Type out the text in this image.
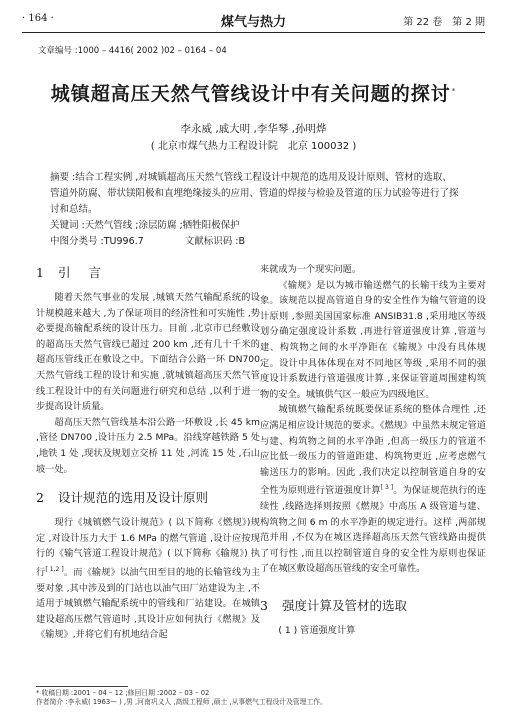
· 164 ·	煤气与热力	第 22 卷　第 2 期
文章编号 :1000 – 4416( 2002 )02 – 0164 – 04
城镇超高压天然气管线设计中有关问题的探讨*
李永威 ,戚大明 ,李华琴 ,孙明烨
( 北京市煤气热力工程设计院　北京 100032 )
摘要 :结合工程实例 ,对城镇超高压天然气管线工程设计中规范的选用及设计原则、管材的选取、管道外防腐、带状镁阳极和直埋绝缘接头的应用、管道的焊接与检验及管道的压力试验等进行了探讨和总结。
关键词 :天然气管线 ;涂层防腐 ;牺牲阳极保护
中图分类号 :TU996.7	文献标识码 :B
1 引言

随着天然气事业的发展 ,城镇天然气输配系统的设计规模越来越大 ,为了保证项目的经济性和可实施性 ,势必要提高输配系统的设计压力。目前 ,北京市已经敷设的超高压天然气管线已超过 200 km ,还有几十千米的超高压管线正在敷设之中。下面结合公路一环 DN700 天然气管线工程的设计和实施 ,就城镇超高压天然气管线工程设计中的有关问题进行研究和总结 ,以利于进一步提高设计质量。

超高压天然气管线基本沿公路一环敷设 ,长 45 km ,管径 DN700 ,设计压力 2.5 MPa。沿线穿越铁路 5 处 ,地铁 1 处 ,现状及规划立交桥 11 处 ,河流 15 处 ,石山坡一处。

2 设计规范的选用及设计原则

现行《城镇燃气设计规范》( 以下简称《燃规》)规定 ,对设计压力大于 1.6 MPa 的燃气管道 ,设计应按现行的《输气管道工程设计规范》( 以下简称《输规》) 执行[ 1,2 ]。而《输规》以油气田至目的地的长输管线为主要对象 ,其中涉及到的门站也以油气田厂站建设为主 ,不适用于城镇燃气输配系统中的管线和厂站建设。在城镇建设超高压燃气管道时 ,其设计应如何执行《燃规》及《输规》,并将它们有机地结合起

来就成为一个现实问题。

《输规》是以为城市输送燃气的长输干线为主要对象。该规范以提高管道自身的安全性作为输气管道的设计原则 ,参照美国国家标准 ANSIB31.8 ,采用地区等级划分确定强度设计系数 ,再进行管道强度计算 ,管道与建、构筑物之间的水平净距在《输规》中没有具体规定。设计中具体体现在对不同地区等级 ,采用不同的强度设计系数进行管道强度计算 ,来保证管道周围建构筑物的安全。城镇供气区一般应为四级地区。

城镇燃气输配系统既要保证系统的整体合理性 ,还应满足相应设计规范的要求。《燃规》中虽然未规定管道与建、构筑物之间的水平净距 ,但高一级压力的管道不应比低一级压力的管道距建、构筑物更近 ,应考虑燃气输送压力的影响。因此 ,我们决定以控制管道自身的安全性为原则进行管道强度计算[ 3 ]。为保证规范执行的连续性 ,线路选择则按照《燃规》中高压 A 级管道与建、构筑物之间 6 m 的水平净距的规定进行。这样 ,两部规范并用 ,不仅为在城区选择超高压天然气管线路由提供了可行性 ,而且以控制管道自身的安全性为原则也保证了在城区敷设超高压管线的安全可靠性。

3 强度计算及管材的选取

( 1 ) 管道强度计算

* 收稿日期 :2001 – 04 – 12 ;修回日期 :2002 – 03 – 02
作者简介 :李永威( 1963— ) ,男 ,河南巩义人 ,高级工程师 ,硕士 ,从事燃气工程设计及管理工作。
